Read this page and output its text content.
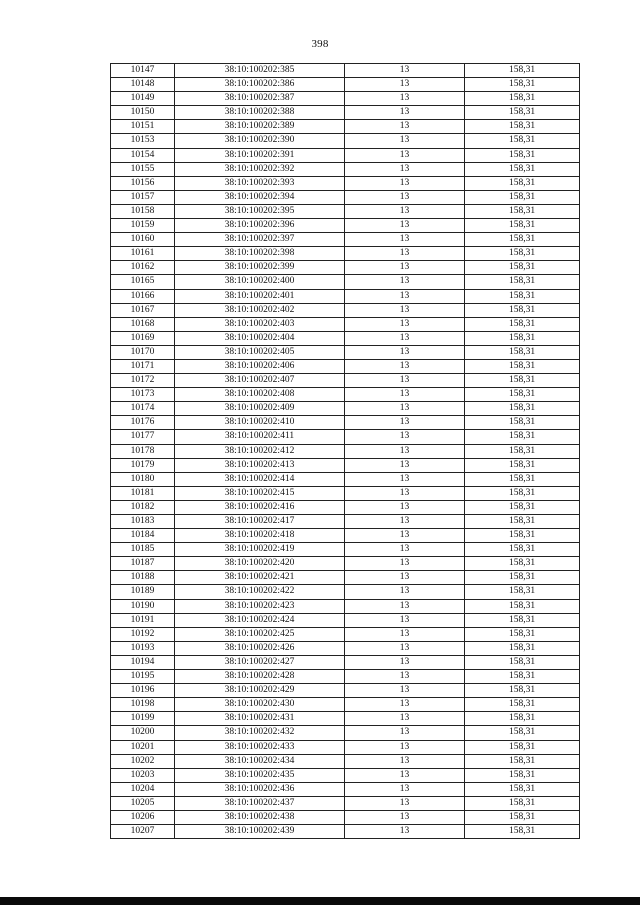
398
10147	38:10:100202:385	13	158,31
10148	38:10:100202:386	13	158,31
10149	38:10:100202:387	13	158,31
10150	38:10:100202:388	13	158,31
10151	38:10:100202:389	13	158,31
10153	38:10:100202:390	13	158,31
10154	38:10:100202:391	13	158,31
10155	38:10:100202:392	13	158,31
10156	38:10:100202:393	13	158,31
10157	38:10:100202:394	13	158,31
10158	38:10:100202:395	13	158,31
10159	38:10:100202:396	13	158,31
10160	38:10:100202:397	13	158,31
10161	38:10:100202:398	13	158,31
10162	38:10:100202:399	13	158,31
10165	38:10:100202:400	13	158,31
10166	38:10:100202:401	13	158,31
10167	38:10:100202:402	13	158,31
10168	38:10:100202:403	13	158,31
10169	38:10:100202:404	13	158,31
10170	38:10:100202:405	13	158,31
10171	38:10:100202:406	13	158,31
10172	38:10:100202:407	13	158,31
10173	38:10:100202:408	13	158,31
10174	38:10:100202:409	13	158,31
10176	38:10:100202:410	13	158,31
10177	38:10:100202:411	13	158,31
10178	38:10:100202:412	13	158,31
10179	38:10:100202:413	13	158,31
10180	38:10:100202:414	13	158,31
10181	38:10:100202:415	13	158,31
10182	38:10:100202:416	13	158,31
10183	38:10:100202:417	13	158,31
10184	38:10:100202:418	13	158,31
10185	38:10:100202:419	13	158,31
10187	38:10:100202:420	13	158,31
10188	38:10:100202:421	13	158,31
10189	38:10:100202:422	13	158,31
10190	38:10:100202:423	13	158,31
10191	38:10:100202:424	13	158,31
10192	38:10:100202:425	13	158,31
10193	38:10:100202:426	13	158,31
10194	38:10:100202:427	13	158,31
10195	38:10:100202:428	13	158,31
10196	38:10:100202:429	13	158,31
10198	38:10:100202:430	13	158,31
10199	38:10:100202:431	13	158,31
10200	38:10:100202:432	13	158,31
10201	38:10:100202:433	13	158,31
10202	38:10:100202:434	13	158,31
10203	38:10:100202:435	13	158,31
10204	38:10:100202:436	13	158,31
10205	38:10:100202:437	13	158,31
10206	38:10:100202:438	13	158,31
10207	38:10:100202:439	13	158,31
